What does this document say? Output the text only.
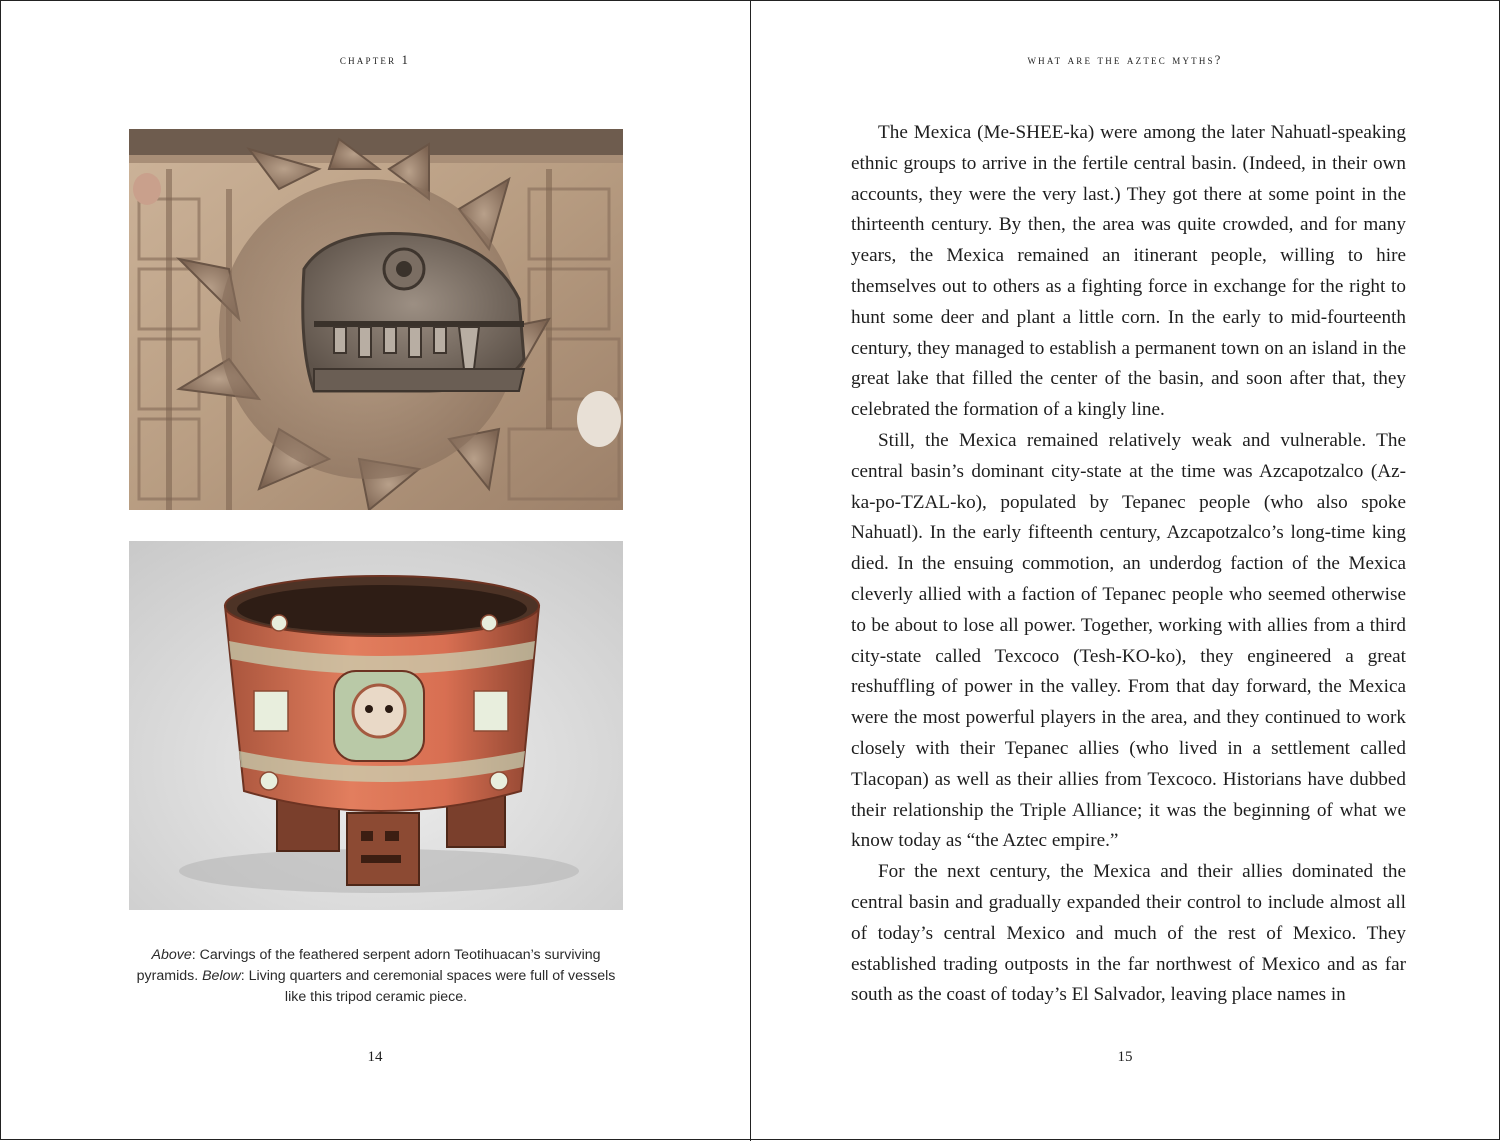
chapter 1
Above: Carvings of the feathered serpent adorn Teotihuacan’s surviving pyramids. Below: Living quarters and ceremonial spaces were full of vessels like this tripod ceramic piece.
14
what are the aztec myths?

The Mexica (Me-SHEE-ka) were among the later Nahuatl-speaking ethnic groups to arrive in the fertile central basin. (Indeed, in their own accounts, they were the very last.) They got there at some point in the thirteenth century. By then, the area was quite crowded, and for many years, the Mexica remained an itinerant people, willing to hire themselves out to others as a fighting force in exchange for the right to hunt some deer and plant a little corn. In the early to mid-fourteenth century, they managed to establish a permanent town on an island in the great lake that filled the center of the basin, and soon after that, they celebrated the formation of a kingly line.

Still, the Mexica remained relatively weak and vulnerable. The central basin’s dominant city-state at the time was Azcapotzalco (Az-ka-po-TZAL-ko), populated by Tepanec people (who also spoke Nahuatl). In the early fifteenth century, Azcapotzalco’s long-time king died. In the ensuing commotion, an underdog faction of the Mexica cleverly allied with a faction of Tepanec people who seemed otherwise to be about to lose all power. Together, working with allies from a third city-state called Texcoco (Tesh-KO-ko), they engineered a great reshuffling of power in the valley. From that day forward, the Mexica were the most powerful players in the area, and they continued to work closely with their Tepanec allies (who lived in a settlement called Tlacopan) as well as their allies from Texcoco. Historians have dubbed their relationship the Triple Alliance; it was the beginning of what we know today as “the Aztec empire.”

For the next century, the Mexica and their allies dominated the central basin and gradually expanded their control to include almost all of today’s central Mexico and much of the rest of Mexico. They established trading outposts in the far northwest of Mexico and as far south as the coast of today’s El Salvador, leaving place names in

15
